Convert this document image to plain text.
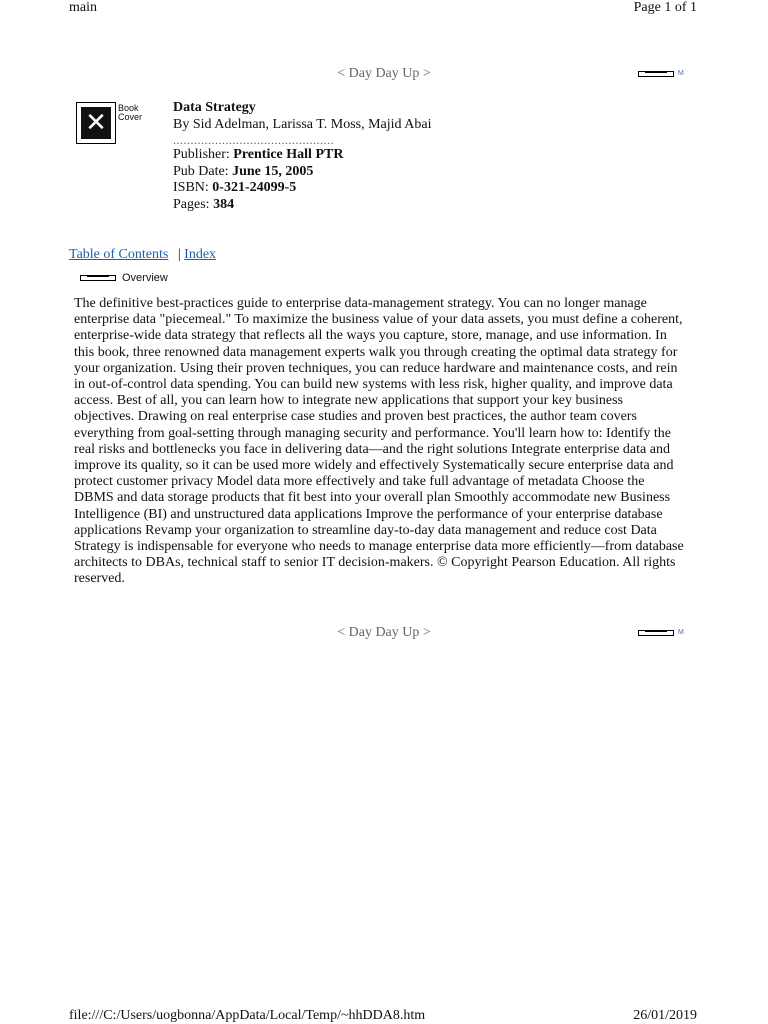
main	Page 1 of 1
< Day Day Up >	M
✕	Book Cover
Data Strategy
By Sid Adelman, Larissa T. Moss, Majid Abai
..............................................
Publisher: Prentice Hall PTR
Pub Date: June 15, 2005
ISBN: 0-321-24099-5
Pages: 384
Table of Contents | Index
Overview
The definitive best-practices guide to enterprise data-management strategy. You can no longer manage enterprise data "piecemeal." To maximize the business value of your data assets, you must define a coherent, enterprise-wide data strategy that reflects all the ways you capture, store, manage, and use information. In this book, three renowned data management experts walk you through creating the optimal data strategy for your organization. Using their proven techniques, you can reduce hardware and maintenance costs, and rein in out-of-control data spending. You can build new systems with less risk, higher quality, and improve data access. Best of all, you can learn how to integrate new applications that support your key business objectives. Drawing on real enterprise case studies and proven best practices, the author team covers everything from goal-setting through managing security and performance. You'll learn how to: Identify the real risks and bottlenecks you face in delivering data—and the right solutions Integrate enterprise data and improve its quality, so it can be used more widely and effectively Systematically secure enterprise data and protect customer privacy Model data more effectively and take full advantage of metadata Choose the DBMS and data storage products that fit best into your overall plan Smoothly accommodate new Business Intelligence (BI) and unstructured data applications Improve the performance of your enterprise database applications Revamp your organization to streamline day-to-day data management and reduce cost Data Strategy is indispensable for everyone who needs to manage enterprise data more efficiently—from database architects to DBAs, technical staff to senior IT decision-makers. © Copyright Pearson Education. All rights reserved.
< Day Day Up >	M
file:///C:/Users/uogbonna/AppData/Local/Temp/~hhDDA8.htm	26/01/2019
